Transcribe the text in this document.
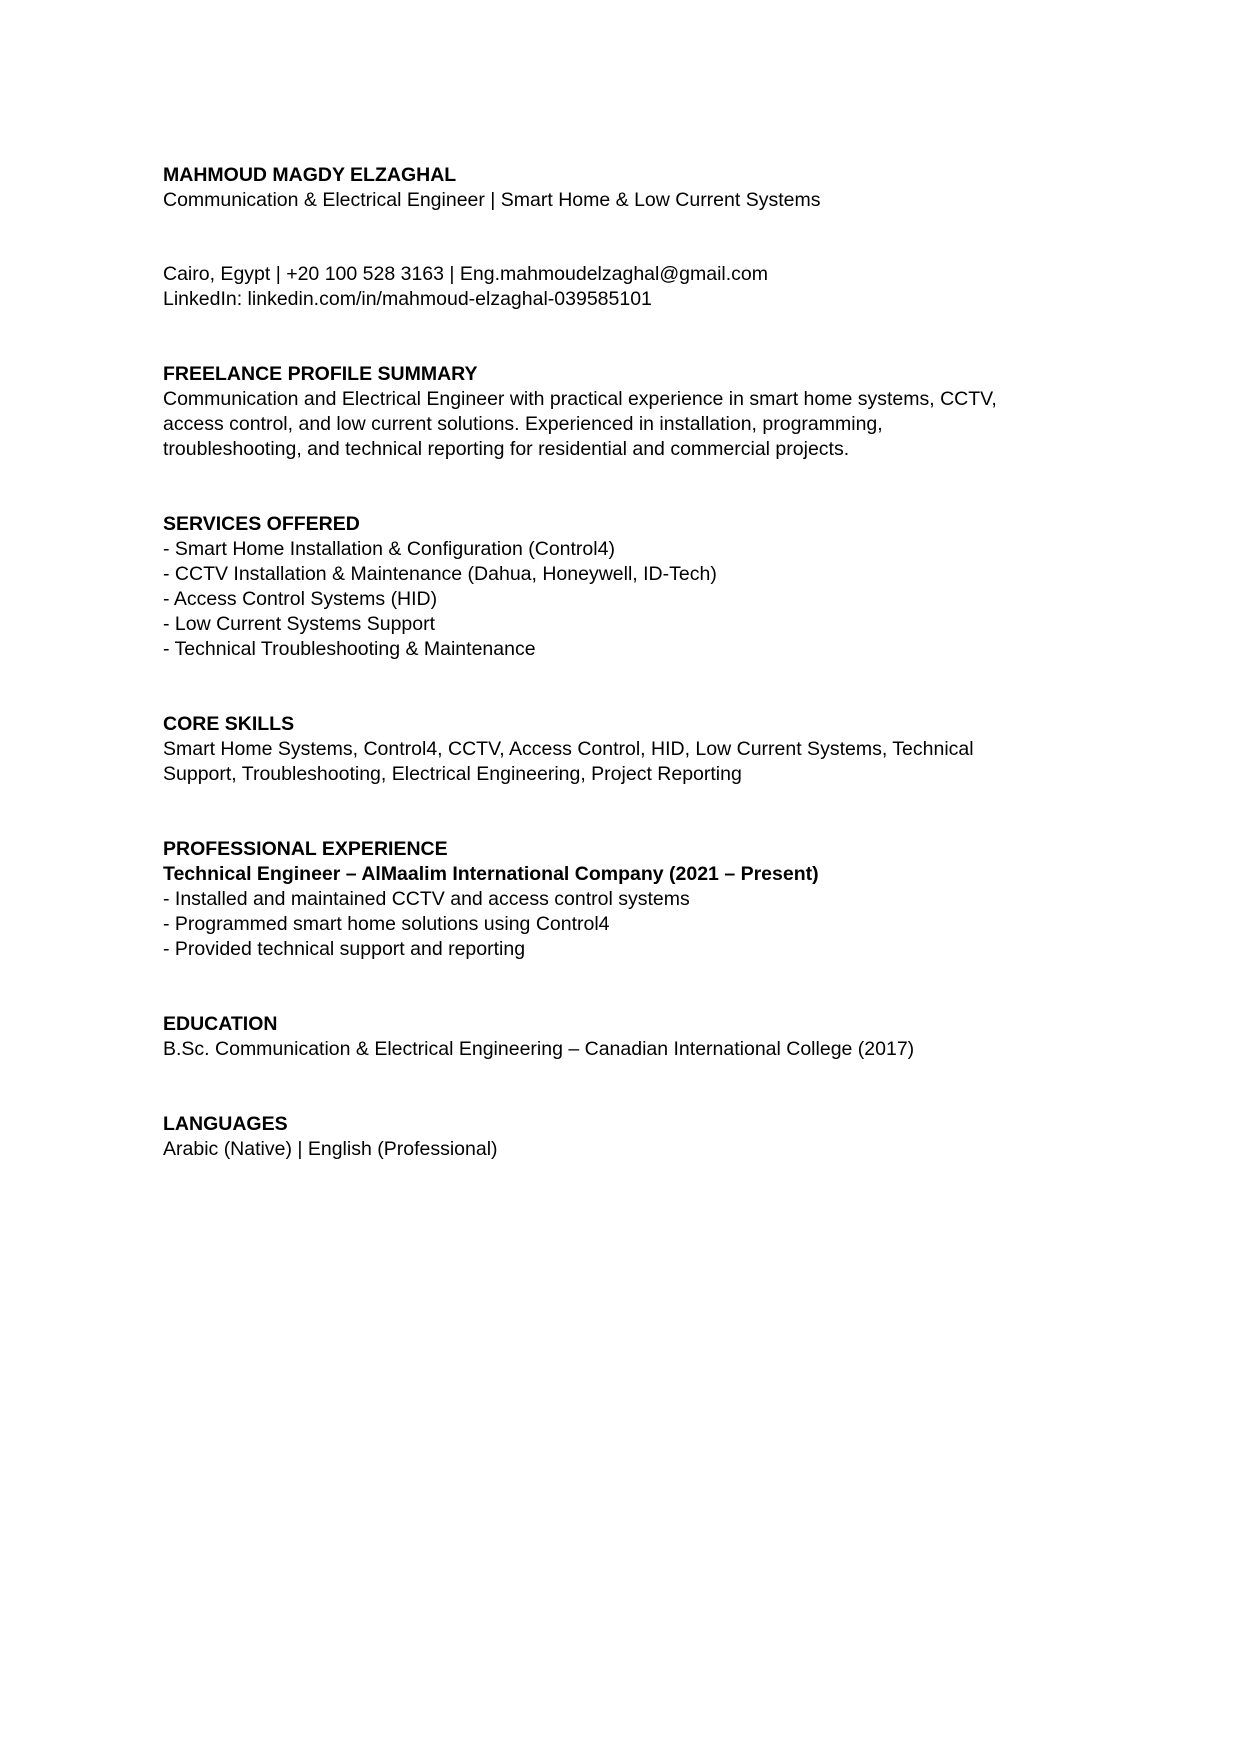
MAHMOUD MAGDY ELZAGHAL
Communication & Electrical Engineer | Smart Home & Low Current Systems
Cairo, Egypt | +20 100 528 3163 | Eng.mahmoudelzaghal@gmail.com
LinkedIn: linkedin.com/in/mahmoud-elzaghal-039585101
FREELANCE PROFILE SUMMARY
Communication and Electrical Engineer with practical experience in smart home systems, CCTV,
access control, and low current solutions. Experienced in installation, programming,
troubleshooting, and technical reporting for residential and commercial projects.
SERVICES OFFERED
- Smart Home Installation & Configuration (Control4)
- CCTV Installation & Maintenance (Dahua, Honeywell, ID-Tech)
- Access Control Systems (HID)
- Low Current Systems Support
- Technical Troubleshooting & Maintenance
CORE SKILLS
Smart Home Systems, Control4, CCTV, Access Control, HID, Low Current Systems, Technical
Support, Troubleshooting, Electrical Engineering, Project Reporting
PROFESSIONAL EXPERIENCE
Technical Engineer – AlMaalim International Company (2021 – Present)
- Installed and maintained CCTV and access control systems
- Programmed smart home solutions using Control4
- Provided technical support and reporting
EDUCATION
B.Sc. Communication & Electrical Engineering – Canadian International College (2017)
LANGUAGES
Arabic (Native) | English (Professional)
